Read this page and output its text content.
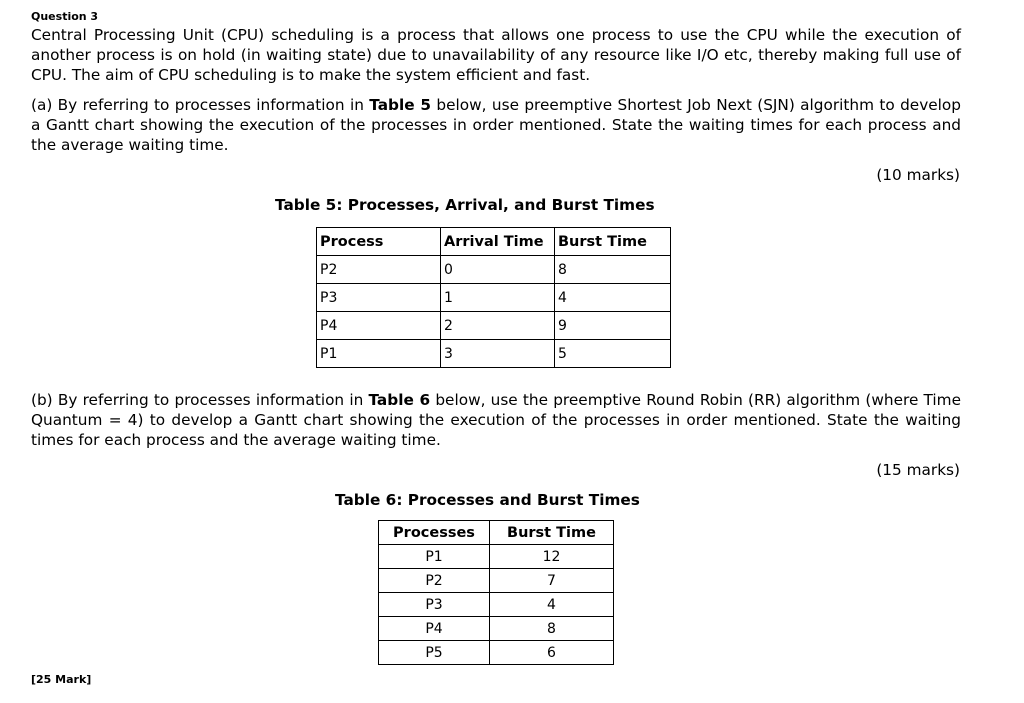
Question 3
Central Processing Unit (CPU) scheduling is a process that allows one process to use the CPU while the execution of another process is on hold (in waiting state) due to unavailability of any resource like I/O etc, thereby making full use of CPU. The aim of CPU scheduling is to make the system efficient and fast.
(a) By referring to processes information in Table 5 below, use preemptive Shortest Job Next (SJN) algorithm to develop a Gantt chart showing the execution of the processes in order mentioned. State the waiting times for each process and the average waiting time.
(10 marks)
Table 5: Processes, Arrival, and Burst Times
Process	Arrival Time	Burst Time
P2	0	8
P3	1	4
P4	2	9
P1	3	5
(b) By referring to processes information in Table 6 below, use the preemptive Round Robin (RR) algorithm (where Time Quantum = 4) to develop a Gantt chart showing the execution of the processes in order mentioned. State the waiting times for each process and the average waiting time.
(15 marks)
Table 6: Processes and Burst Times
Processes	Burst Time
P1	12
P2	7
P3	4
P4	8
P5	6
[25 Mark]
